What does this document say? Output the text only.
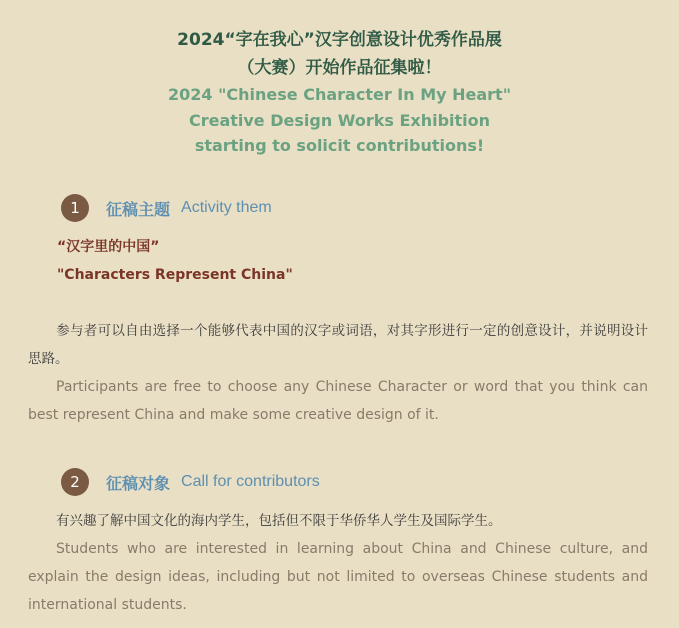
2024“字在我心”汉字创意设计优秀作品展

（大赛）开始作品征集啦！

2024 "Chinese Character In My Heart"

Creative Design Works Exhibition

starting to solicit contributions!

1	征稿主题 Activity them

“汉字里的中国”

"Characters Represent China"

参与者可以自由选择一个能够代表中国的汉字或词语，对其字形进行一定的创意设计，并说明设计思路。

Participants are free to choose any Chinese Character or word that you think can best represent China and make some creative design of it.

2	征稿对象 Call for contributors

有兴趣了解中国文化的海内学生，包括但不限于华侨华人学生及国际学生。

Students who are interested in learning about China and Chinese culture, and explain the design ideas, including but not limited to overseas Chinese students and international students.
